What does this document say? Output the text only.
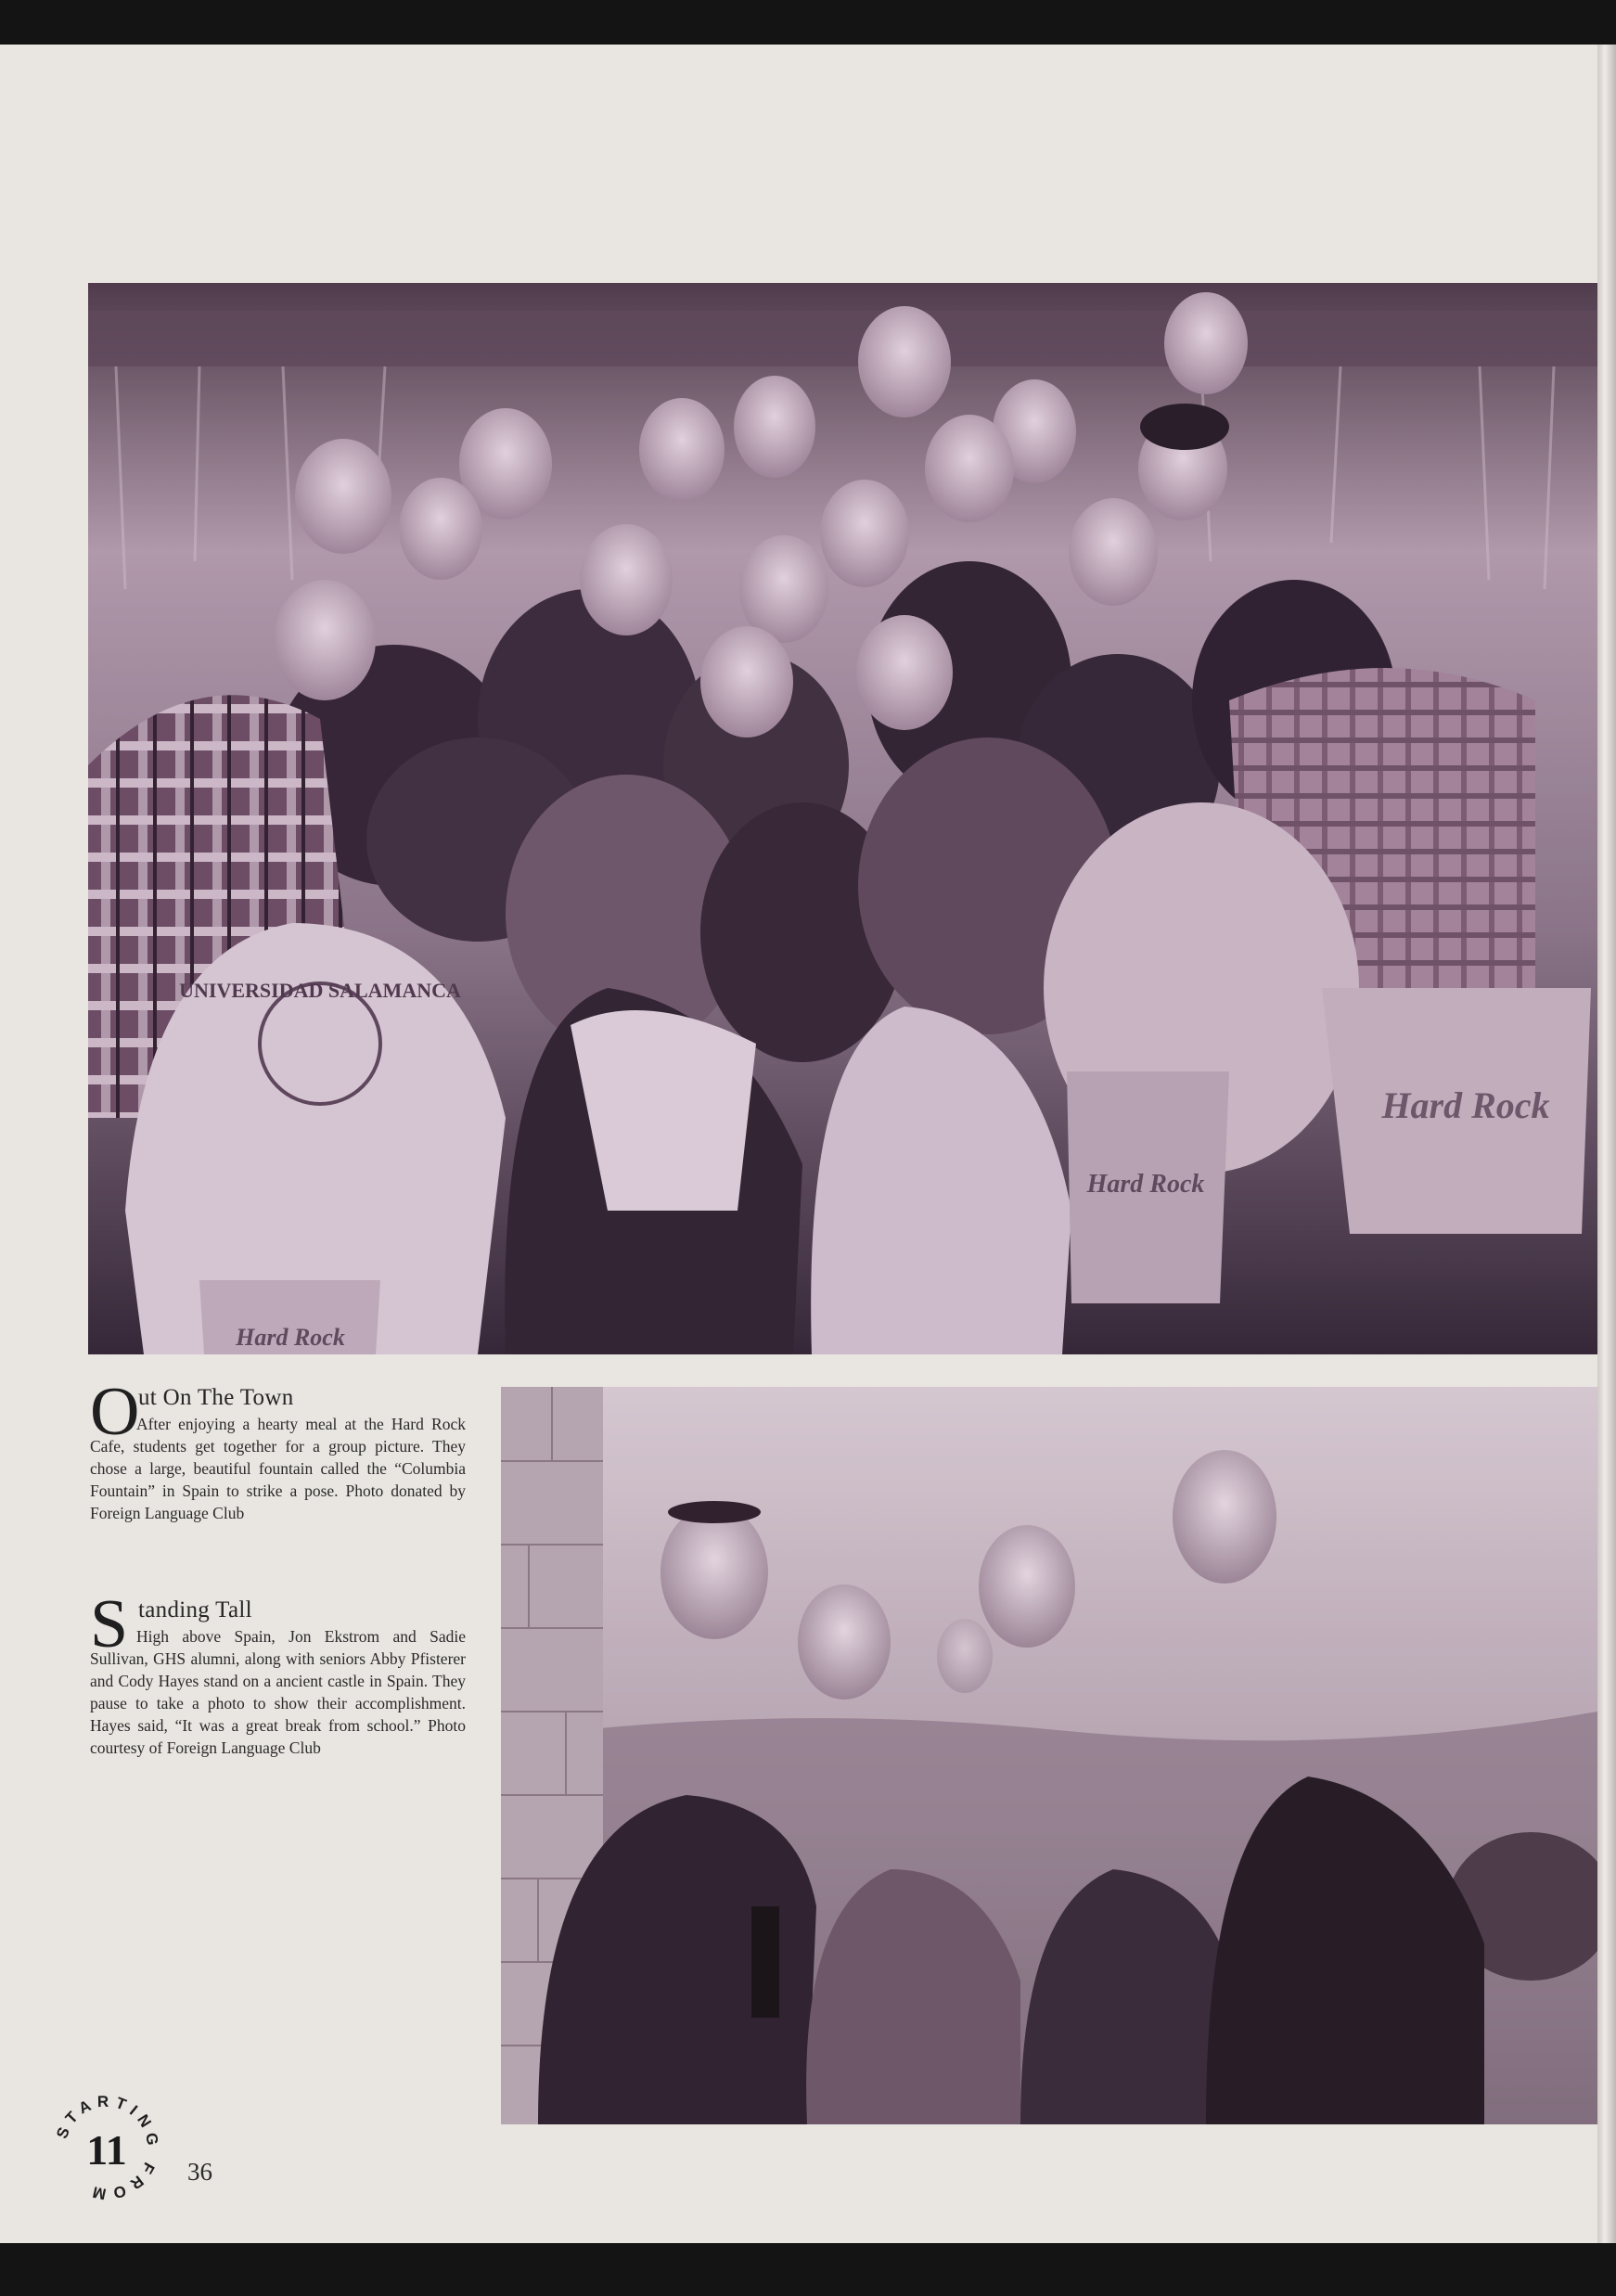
UNIVERSIDAD SALAMANCA
Hard Rock
Hard Rock
Hard Rock
O
ut On The Town
After enjoying a hearty meal at the Hard Rock Cafe, students get together for a group picture. They chose a large, beautiful fountain called the “Columbia Fountain” in Spain to strike a pose. Photo donated by Foreign Language Club
S tanding Tall
High above Spain, Jon Ekstrom and Sadie Sullivan, GHS alumni, along with seniors Abby Pfisterer and Cody Hayes stand on a ancient castle in Spain. They pause to take a photo to show their accomplishment. Hayes said, “It was a great break from school.” Photo courtesy of Foreign Language Club
STARTING FROM
11 36
